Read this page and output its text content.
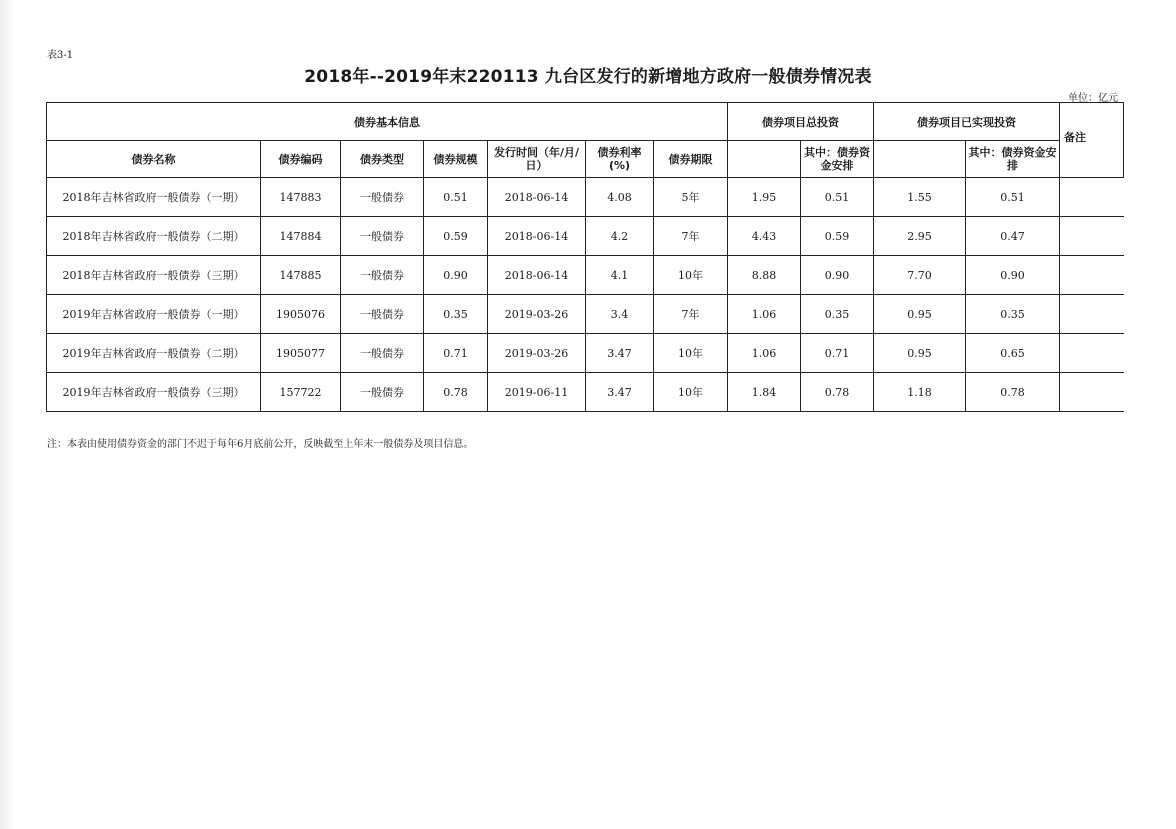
表3-1
2018年--2019年末220113 九台区发行的新增地方政府一般债券情况表
单位：亿元
债券基本信息							债券项目总投资		债券项目已实现投资		备注
债券名称	债券编码	债券类型	债券规模	发行时间（年/月/日）	债券利率(%)	债券期限		其中：债券资金安排		其中：债券资金安排	
2018年吉林省政府一般债券（一期）	147883	一般债券	0.51	2018-06-14	4.08	5年	1.95	0.51	1.55	0.51	
2018年吉林省政府一般债券（二期）	147884	一般债券	0.59	2018-06-14	4.2	7年	4.43	0.59	2.95	0.47	
2018年吉林省政府一般债券（三期）	147885	一般债券	0.90	2018-06-14	4.1	10年	8.88	0.90	7.70	0.90	
2019年吉林省政府一般债券（一期）	1905076	一般债券	0.35	2019-03-26	3.4	7年	1.06	0.35	0.95	0.35	
2019年吉林省政府一般债券（二期）	1905077	一般债券	0.71	2019-03-26	3.47	10年	1.06	0.71	0.95	0.65	
2019年吉林省政府一般债券（三期）	157722	一般债券	0.78	2019-06-11	3.47	10年	1.84	0.78	1.18	0.78	
注：本表由使用债券资金的部门不迟于每年6月底前公开，反映截至上年末一般债券及项目信息。
